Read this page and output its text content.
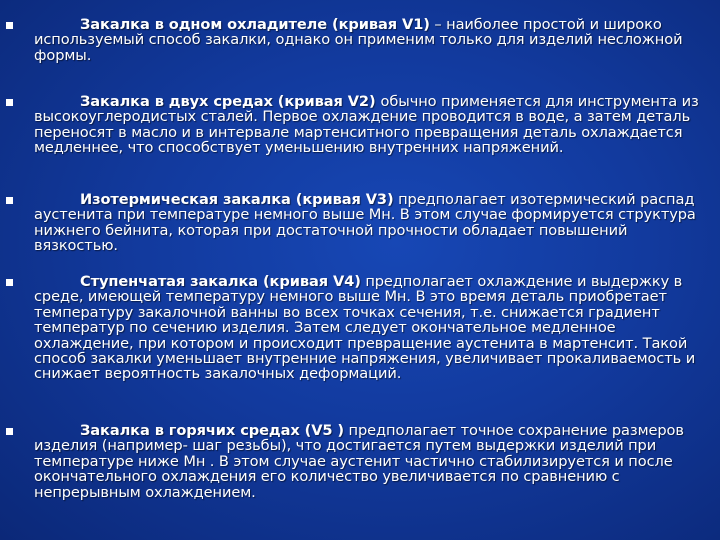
Закалка в одном охладителе (кривая V1) – наиболее простой и широко используемый способ закалки, однако он применим только для изделий несложной формы.

Закалка в двух средах (кривая V2) обычно применяется для инструмента из высокоуглеродистых сталей. Первое охлаждение проводится в воде, а затем деталь переносят в масло и в интервале мартенситного превращения деталь охлаждается медленнее, что способствует уменьшению внутренних напряжений.

Изотермическая закалка (кривая V3) предполагает изотермический распад аустенита при температуре немного выше Мн. В этом случае формируется структура нижнего бейнита, которая при достаточной прочности обладает повышений вязкостью.

Ступенчатая закалка (кривая V4) предполагает охлаждение и выдержку в среде, имеющей температуру немного выше Мн. В это время деталь приобретает температуру закалочной ванны во всех точках сечения, т.е. снижается градиент температур по сечению изделия. Затем следует окончательное медленное охлаждение, при котором и происходит превращение аустенита в мартенсит. Такой способ закалки уменьшает внутренние напряжения, увеличивает прокаливаемость и снижает вероятность закалочных деформаций.

Закалка в горячих средах (V5 ) предполагает точное сохранение размеров изделия (например- шаг резьбы), что достигается путем выдержки изделий при температуре ниже Мн . В этом случае аустенит частично стабилизируется и после окончательного охлаждения его количество увеличивается по сравнению с непрерывным охлаждением.
